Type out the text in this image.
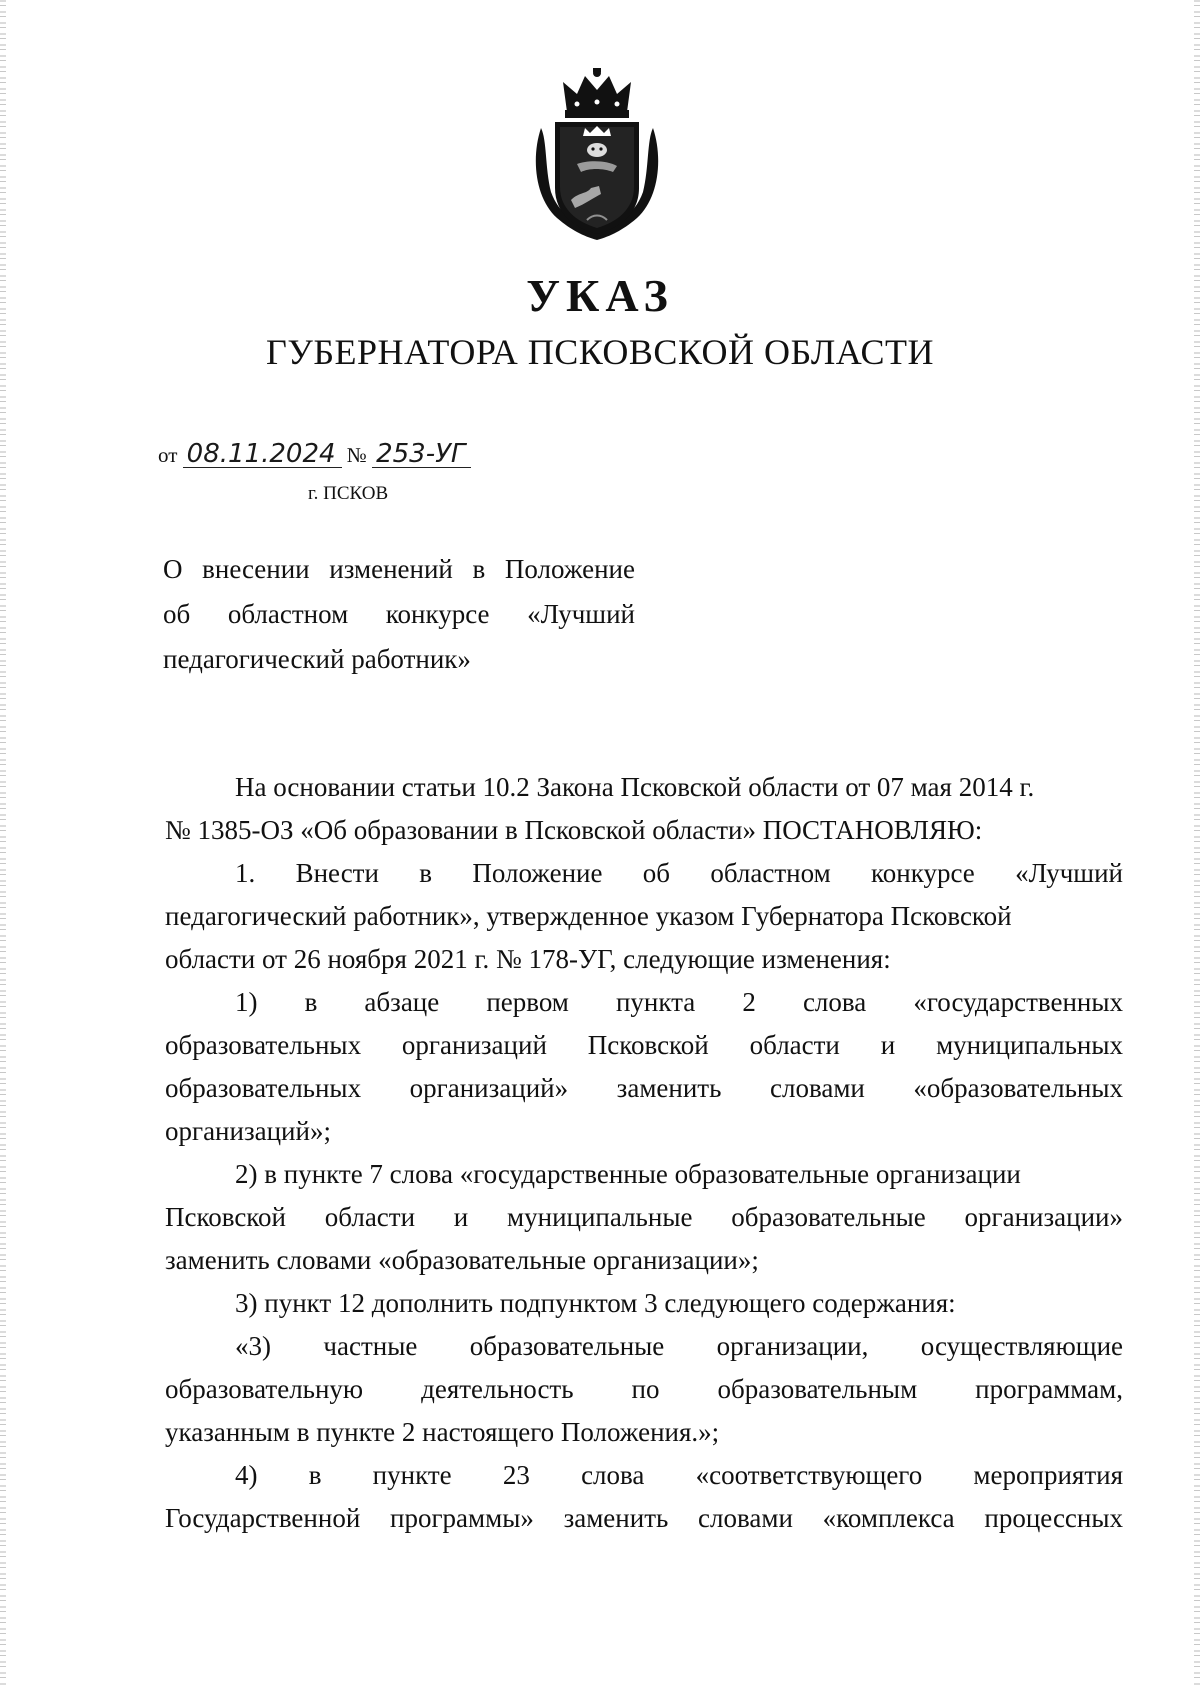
УКАЗ
ГУБЕРНАТОРА ПСКОВСКОЙ ОБЛАСТИ
от 08.11.2024 № 253-УГ
г. ПСКОВ
О внесении изменений в Положение
об областном конкурсе «Лучший
педагогический работник»
На основании статьи 10.2 Закона Псковской области от 07 мая 2014 г.
№ 1385-ОЗ «Об образовании в Псковской области» ПОСТАНОВЛЯЮ:
1. Внести в Положение об областном конкурсе «Лучший
педагогический работник», утвержденное указом Губернатора Псковской
области от 26 ноября 2021 г. № 178-УГ, следующие изменения:
1) в абзаце первом пункта 2 слова «государственных
образовательных организаций Псковской области и муниципальных
образовательных организаций» заменить словами «образовательных
организаций»;
2) в пункте 7 слова «государственные образовательные организации
Псковской области и муниципальные образовательные организации»
заменить словами «образовательные организации»;
3) пункт 12 дополнить подпунктом 3 следующего содержания:
«3) частные образовательные организации, осуществляющие
образовательную деятельность по образовательным программам,
указанным в пункте 2 настоящего Положения.»;
4) в пункте 23 слова «соответствующего мероприятия
Государственной программы» заменить словами «комплекса процессных
